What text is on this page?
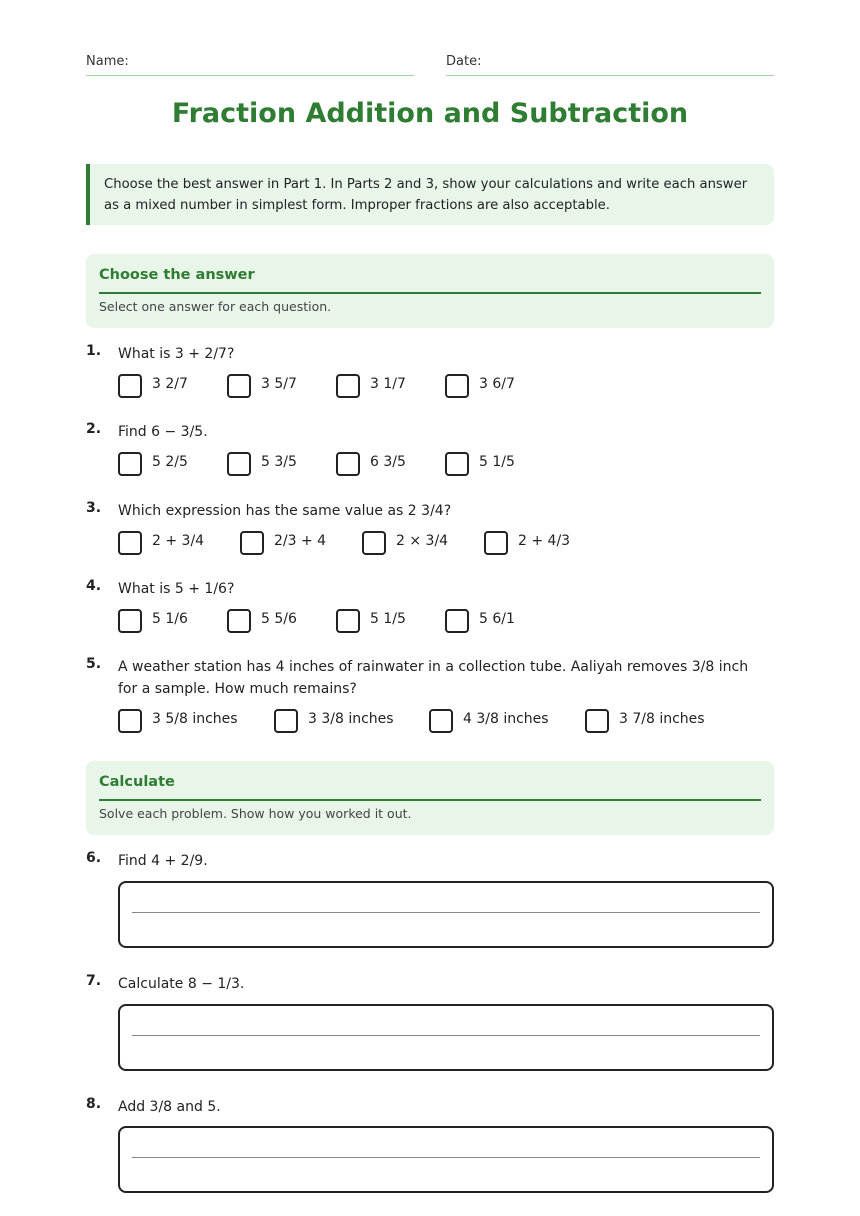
Name:	Date:
Fraction Addition and Subtraction
Choose the best answer in Part 1. In Parts 2 and 3, show your calculations and write each answer as a mixed number in simplest form. Improper fractions are also acceptable.
Choose the answer
Select one answer for each question.
1. What is 3 + 2/7?
3 2/7	3 5/7	3 1/7	3 6/7
2. Find 6 − 3/5.
5 2/5	5 3/5	6 3/5	5 1/5
3. Which expression has the same value as 2 3/4?
2 + 3/4	2/3 + 4	2 × 3/4	2 + 4/3
4. What is 5 + 1/6?
5 1/6	5 5/6	5 1/5	5 6/1
5. A weather station has 4 inches of rainwater in a collection tube. Aaliyah removes 3/8 inch for a sample. How much remains?
3 5/8 inches	3 3/8 inches	4 3/8 inches	3 7/8 inches
Calculate
Solve each problem. Show how you worked it out.
6. Find 4 + 2/9.
7. Calculate 8 − 1/3.
8. Add 3/8 and 5.
